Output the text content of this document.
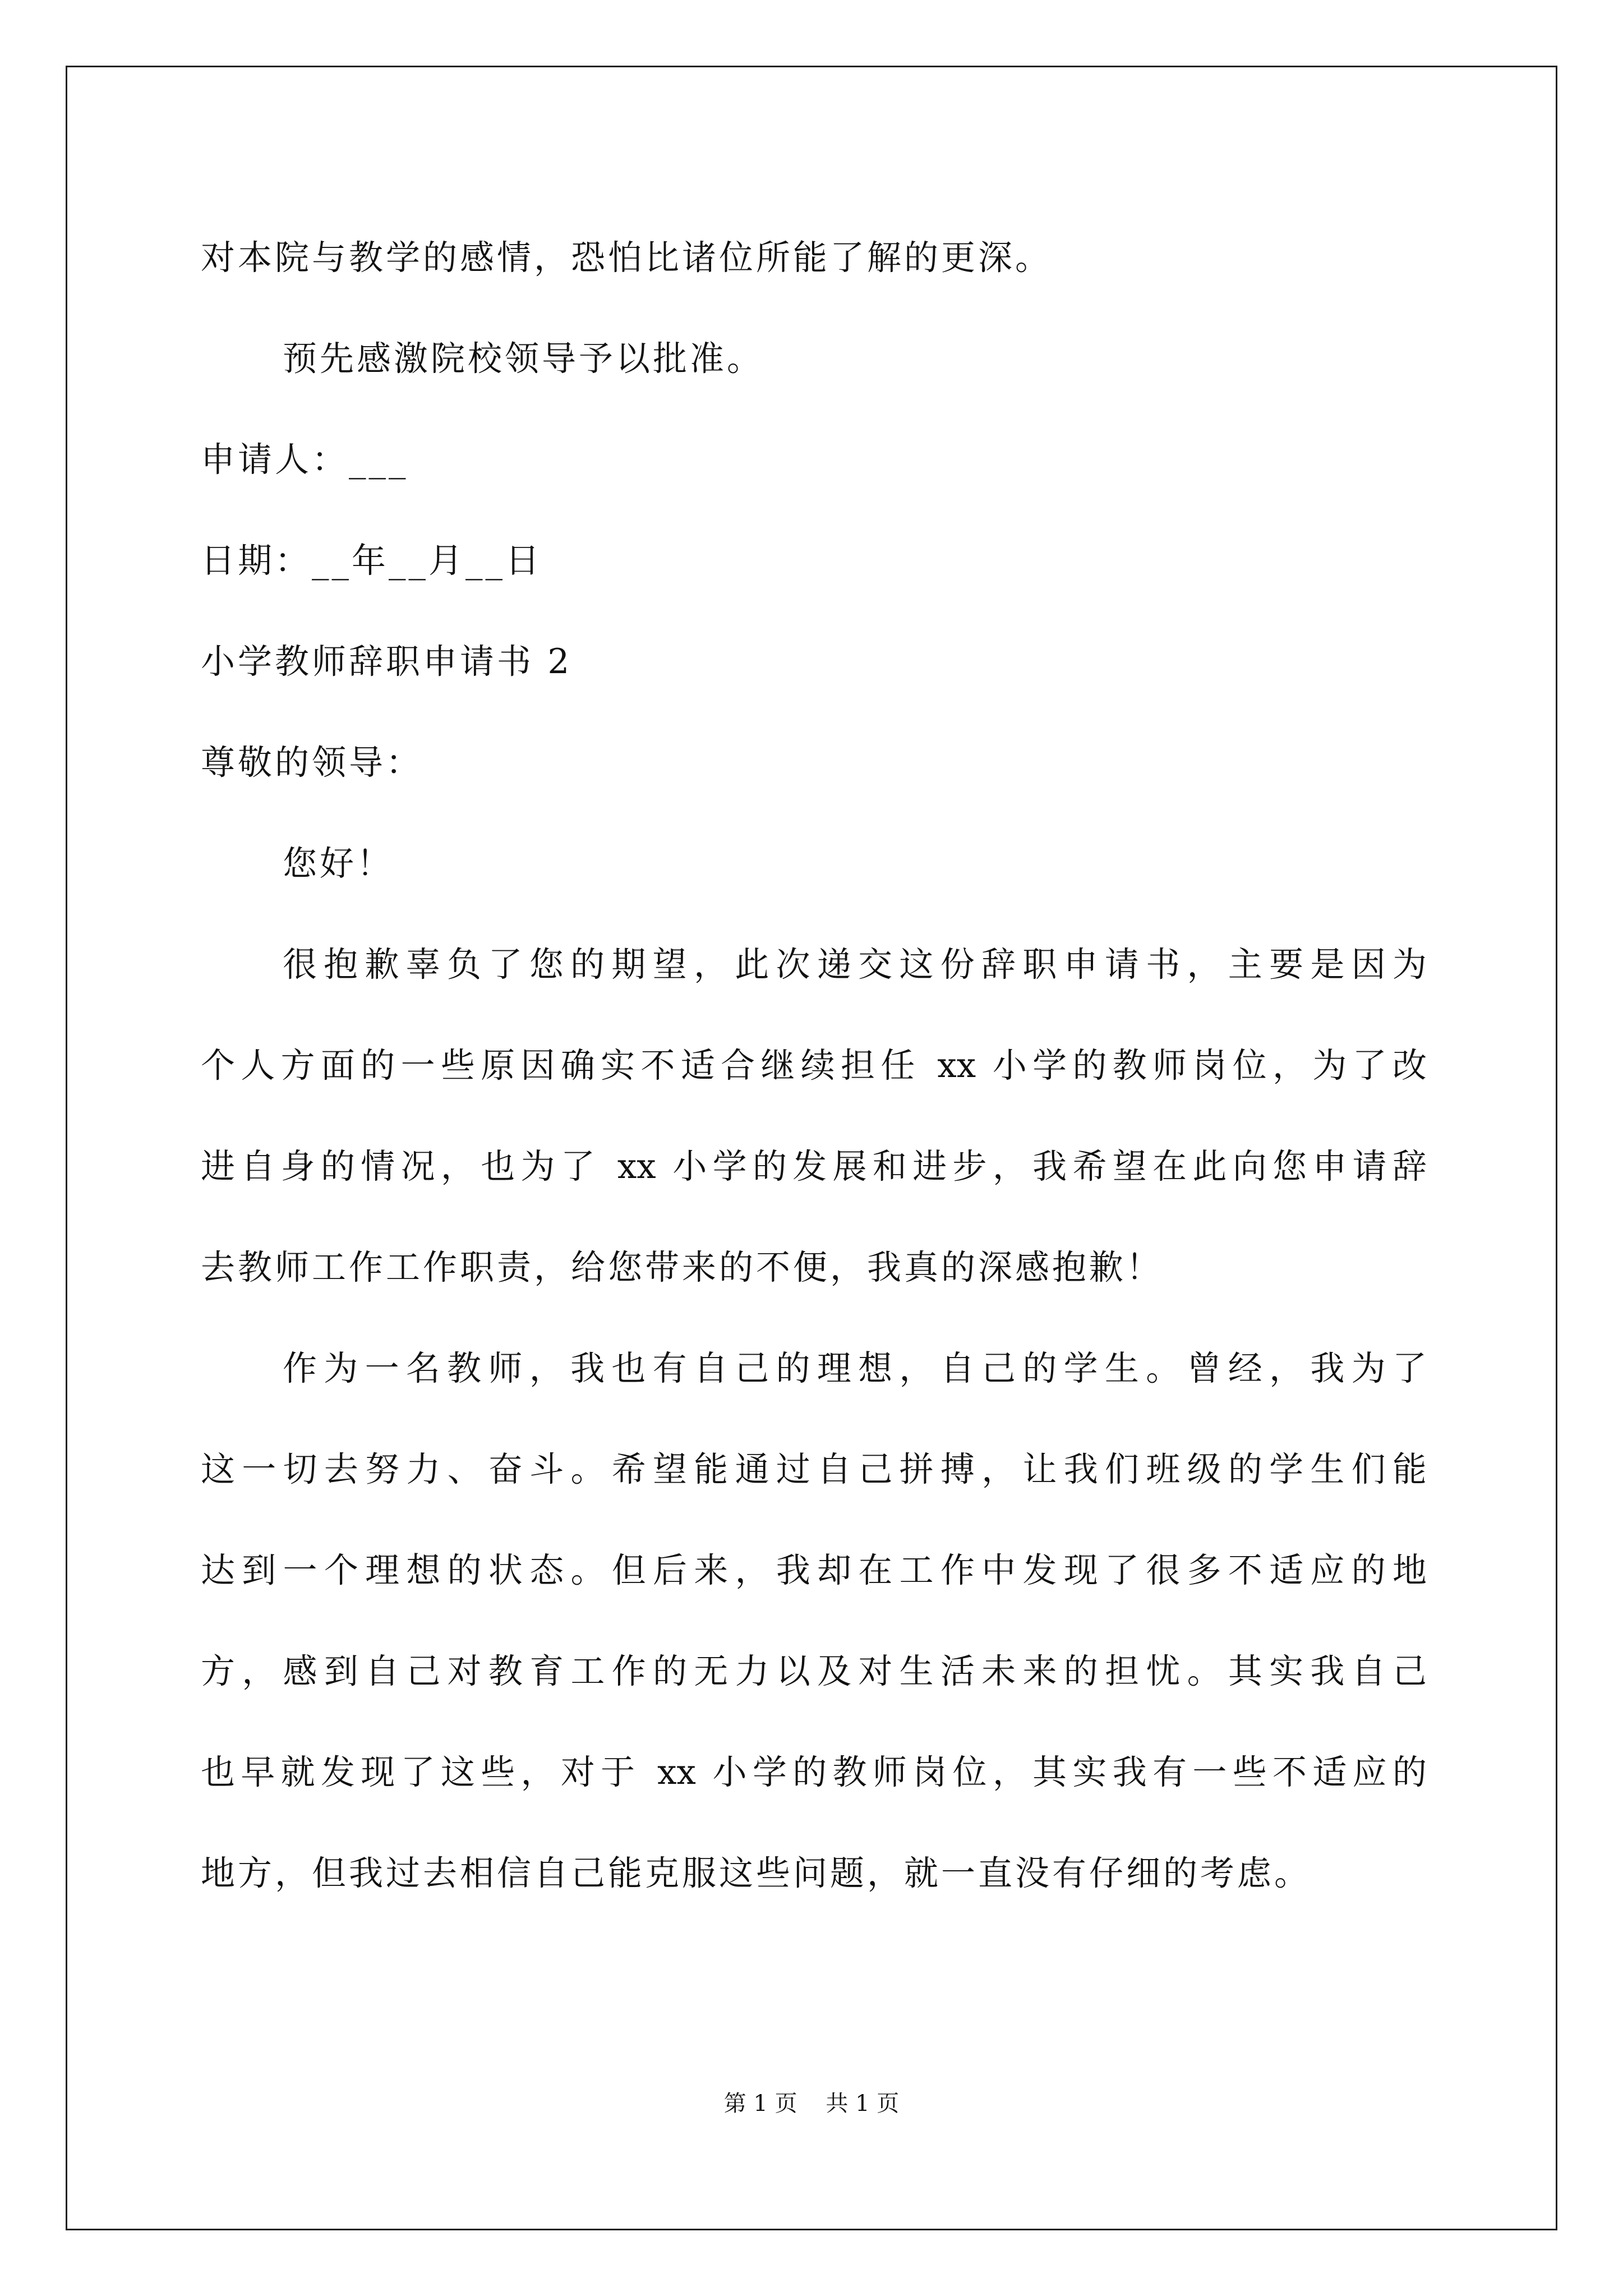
对本院与教学的感情，恐怕比诸位所能了解的更深。
预先感激院校领导予以批准。
申请人：___
日期：__年__月__日
小学教师辞职申请书 2
尊敬的领导：
您好！
很抱歉辜负了您的期望，此次递交这份辞职申请书，主要是因为
个人方面的一些原因确实不适合继续担任 xx 小学的教师岗位，为了改
进自身的情况，也为了 xx 小学的发展和进步，我希望在此向您申请辞
去教师工作工作职责，给您带来的不便，我真的深感抱歉！
作为一名教师，我也有自己的理想，自己的学生。曾经，我为了
这一切去努力、奋斗。希望能通过自己拼搏，让我们班级的学生们能
达到一个理想的状态。但后来，我却在工作中发现了很多不适应的地
方，感到自己对教育工作的无力以及对生活未来的担忧。其实我自己
也早就发现了这些，对于 xx 小学的教师岗位，其实我有一些不适应的
地方，但我过去相信自己能克服这些问题，就一直没有仔细的考虑。
第 1 页    共 1 页
